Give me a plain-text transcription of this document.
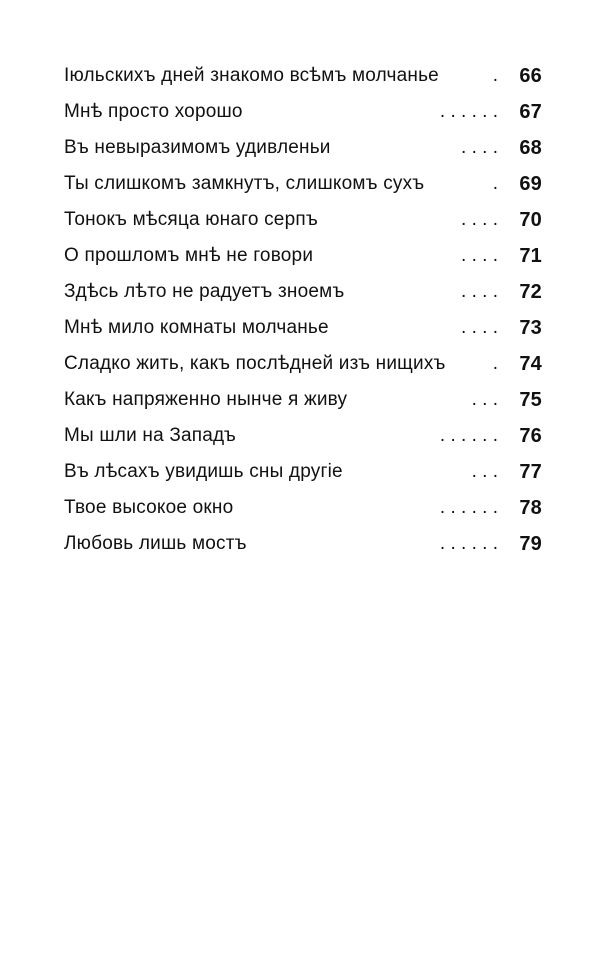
Іюльскихъ дней знакомо всѣмъ молчанье	.	66
Мнѣ просто хорошо	. . . . . .	67
Въ невыразимомъ удивленьи	. . . .	68
Ты слишкомъ замкнутъ, слишкомъ сухъ	.	69
Тонокъ мѣсяца юнаго серпъ	. . . .	70
О прошломъ мнѣ не говори	. . . .	71
Здѣсь лѣто не радуетъ зноемъ	. . . .	72
Мнѣ мило комнаты молчанье	. . . .	73
Сладко жить, какъ послѣдней изъ нищихъ .	74
Какъ напряженно нынче я живу	. . .	75
Мы шли на Западъ	. . . . . .	76
Въ лѣсахъ увидишь сны другіе	. . .	77
Твое высокое окно	. . . . . .	78
Любовь лишь мостъ	. . . . . .	79
